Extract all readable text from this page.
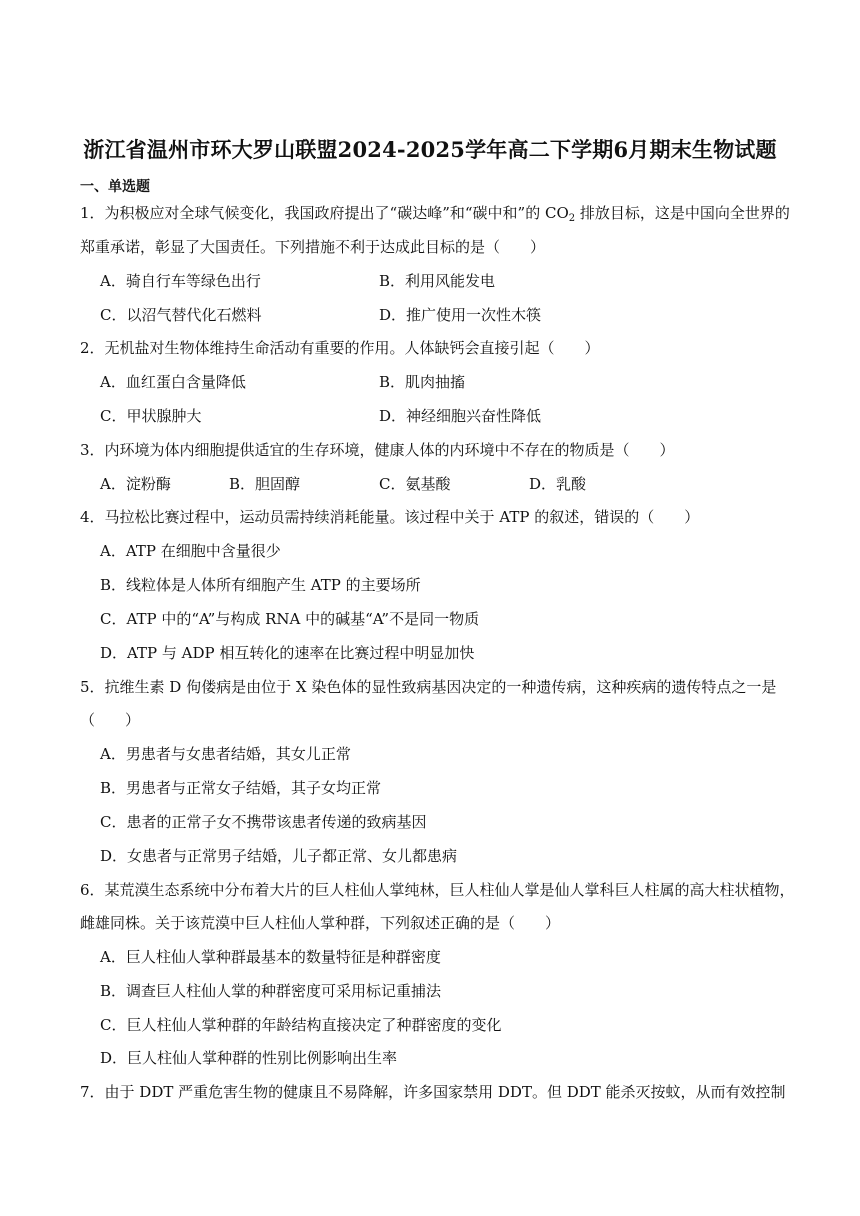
浙江省温州市环大罗山联盟2024-2025学年高二下学期6月期末生物试题
一、单选题
1．为积极应对全球气候变化，我国政府提出了“碳达峰”和“碳中和”的 $CO_2$ 排放目标，这是中国向全世界的
郑重承诺，彰显了大国责任。下列措施不利于达成此目标的是（　　）
A．骑自行车等绿色出行	B．利用风能发电
C．以沼气替代化石燃料	D．推广使用一次性木筷
2．无机盐对生物体维持生命活动有重要的作用。人体缺钙会直接引起（　　）
A．血红蛋白含量降低	B．肌肉抽搐
C．甲状腺肿大	D．神经细胞兴奋性降低
3．内环境为体内细胞提供适宜的生存环境，健康人体的内环境中不存在的物质是（　　）
A．淀粉酶	B．胆固醇	C．氨基酸	D．乳酸
4．马拉松比赛过程中，运动员需持续消耗能量。该过程中关于 ATP 的叙述，错误的（　　）
A．ATP 在细胞中含量很少
B．线粒体是人体所有细胞产生 ATP 的主要场所
C．ATP 中的“A”与构成 RNA 中的碱基“A”不是同一物质
D．ATP 与 ADP 相互转化的速率在比赛过程中明显加快
5．抗维生素 D 佝偻病是由位于 X 染色体的显性致病基因决定的一种遗传病，这种疾病的遗传特点之一是
（　　）
A．男患者与女患者结婚，其女儿正常
B．男患者与正常女子结婚，其子女均正常
C．患者的正常子女不携带该患者传递的致病基因
D．女患者与正常男子结婚，儿子都正常、女儿都患病
6．某荒漠生态系统中分布着大片的巨人柱仙人掌纯林，巨人柱仙人掌是仙人掌科巨人柱属的高大柱状植物，
雌雄同株。关于该荒漠中巨人柱仙人掌种群，下列叙述正确的是（　　）
A．巨人柱仙人掌种群最基本的数量特征是种群密度
B．调查巨人柱仙人掌的种群密度可采用标记重捕法
C．巨人柱仙人掌种群的年龄结构直接决定了种群密度的变化
D．巨人柱仙人掌种群的性别比例影响出生率
7．由于 DDT 严重危害生物的健康且不易降解，许多国家禁用 DDT。但 DDT 能杀灭按蚊，从而有效控制
